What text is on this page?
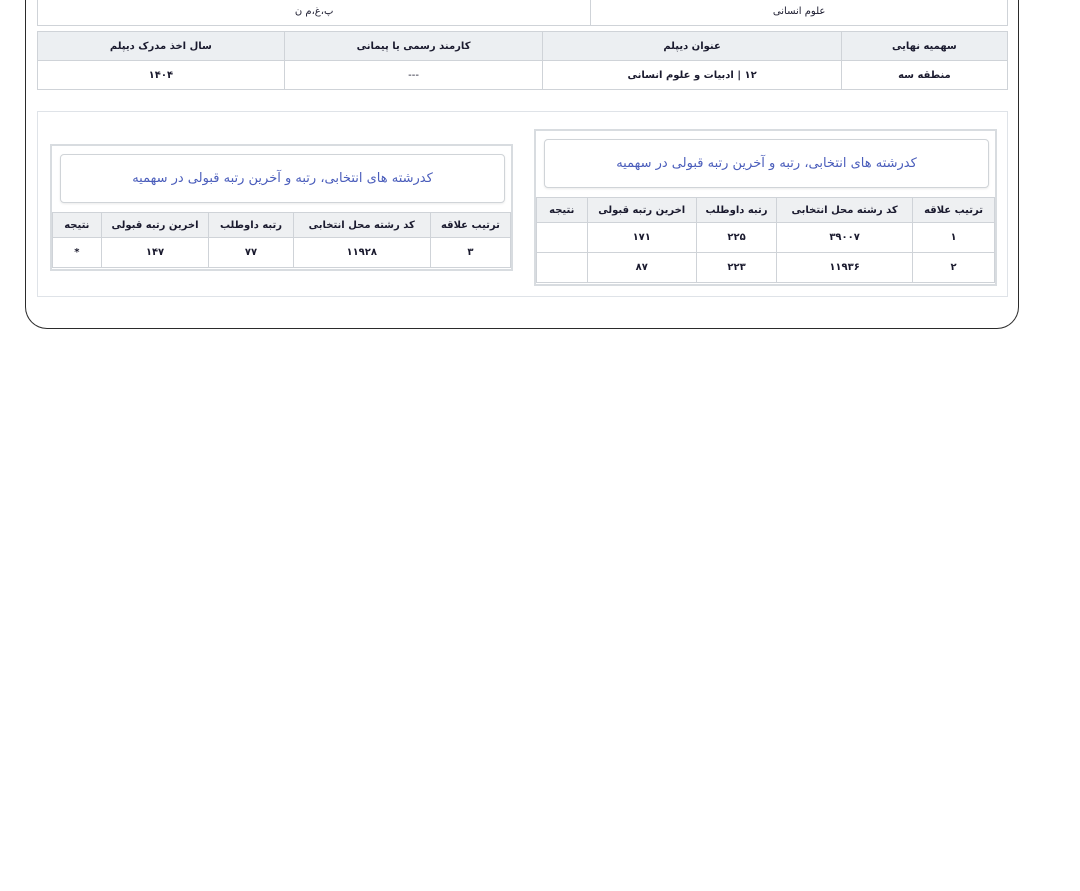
علوم انسانی	پ،غ،م ن
سهمیه نهایی	عنوان دیپلم	کارمند رسمی یا پیمانی	سال اخذ مدرک دیپلم
منطقه سه	۱۲ | ادبیات و علوم انسانی	---	۱۴۰۴
کدرشته های انتخابی، رتبه و آخرین رتبه قبولی در سهمیه
ترتیب علاقه	کد رشته محل انتخابی	رتبه داوطلب	اخرین رتبه قبولی	نتیجه
۱	۳۹۰۰۷	۲۲۵	۱۷۱	
۲	۱۱۹۳۶	۲۲۳	۸۷	
کدرشته های انتخابی، رتبه و آخرین رتبه قبولی در سهمیه
ترتیب علاقه	کد رشته محل انتخابی	رتبه داوطلب	اخرین رتبه قبولی	نتیجه
۳	۱۱۹۲۸	۷۷	۱۴۷	*
